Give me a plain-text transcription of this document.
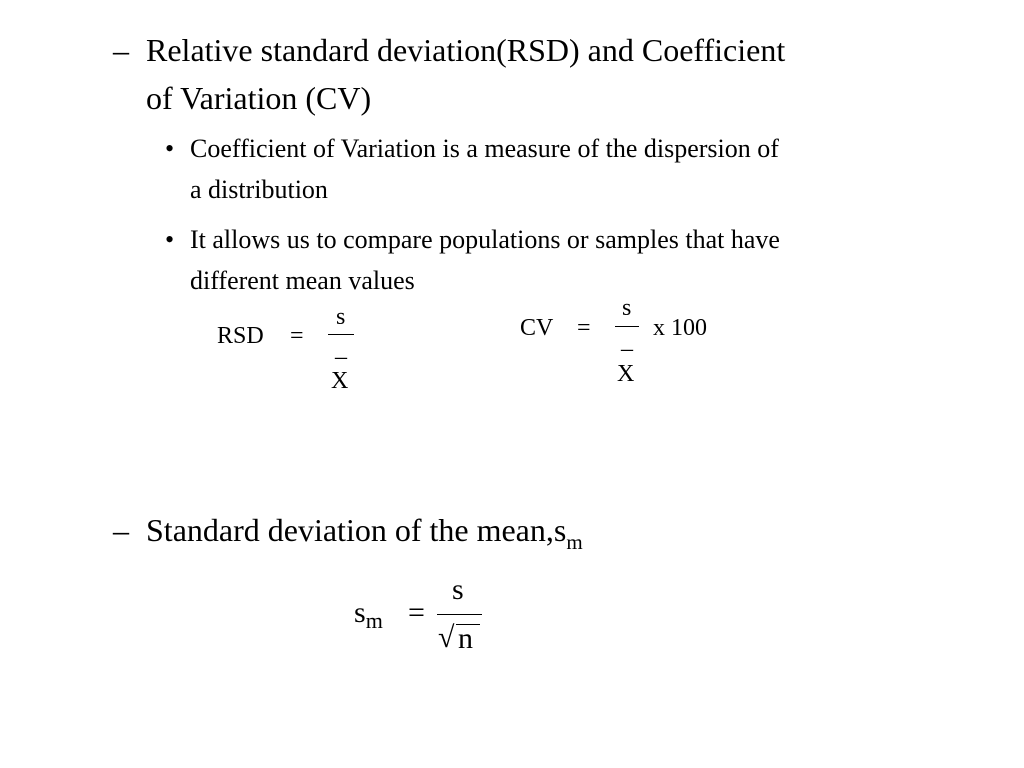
– Relative standard deviation(RSD) and Coefficient
of Variation (CV)
• Coefficient of Variation is a measure of the dispersion of
a distribution
• It allows us to compare populations or samples that have
different mean values
RSD =
s
_
X
CV =
s
_
X
x 100
– Standard deviation of the $mean,s_m$
$s_m$ =
s
√ n
